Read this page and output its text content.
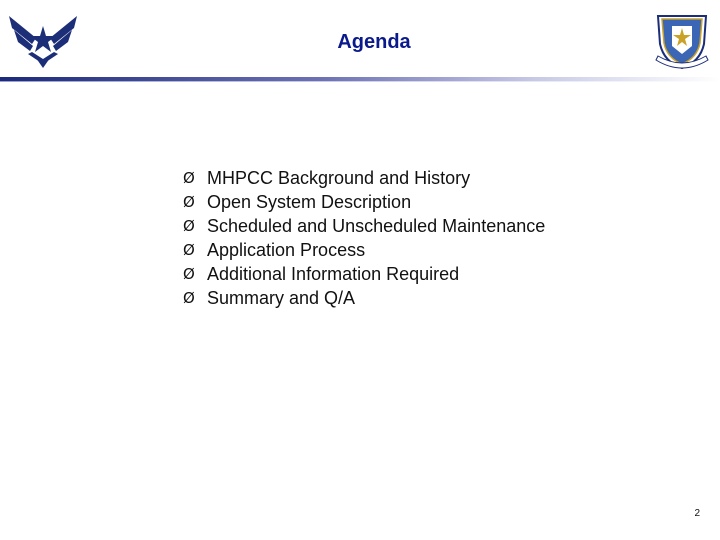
Agenda
Ø MHPCC Background and History
Ø Open System Description
Ø Scheduled and Unscheduled Maintenance
Ø Application Process
Ø Additional Information Required
Ø Summary and Q/A
2
